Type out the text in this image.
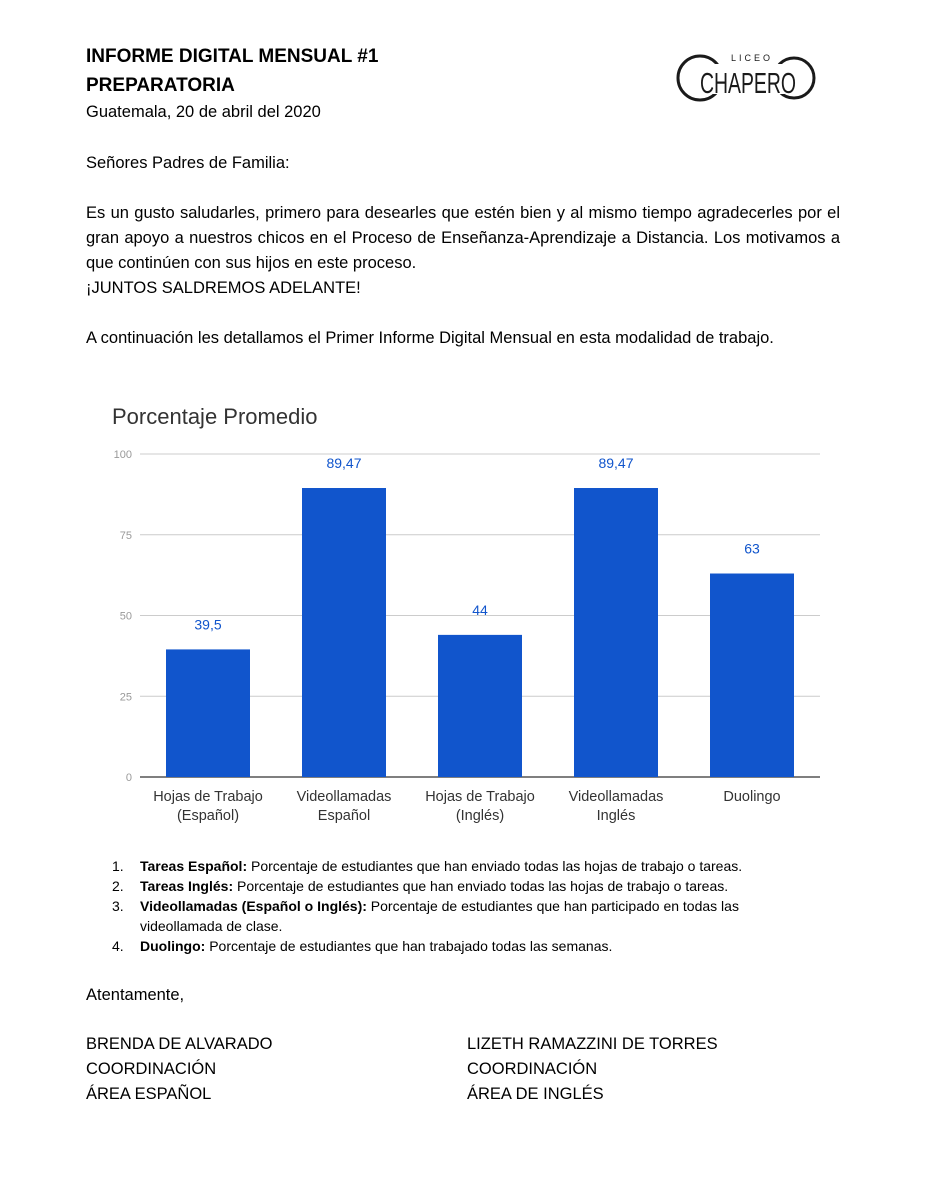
INFORME DIGITAL MENSUAL #1
PREPARATORIA
Guatemala, 20 de abril del 2020
LICEO
CHAPERO
Señores Padres de Familia:
Es un gusto saludarles, primero para desearles que estén bien y al mismo tiempo agradecerles por el gran apoyo a nuestros chicos en el Proceso de Enseñanza-Aprendizaje a Distancia. Los motivamos a que continúen con sus hijos en este proceso.
¡JUNTOS SALDREMOS ADELANTE!
A continuación les detallamos el Primer Informe Digital Mensual en esta modalidad de trabajo.
Porcentaje Promedio
0
25
50
75
100
39,5
Hojas de Trabajo
(Español)
89,47
Videollamadas
Español
44
Hojas de Trabajo
(Inglés)
89,47
Videollamadas
Inglés
63
Duolingo
1.	Tareas Español: Porcentaje de estudiantes que han enviado todas las hojas de trabajo o tareas.
2.	Tareas Inglés: Porcentaje de estudiantes que han enviado todas las hojas de trabajo o tareas.
3.	Videollamadas (Español o Inglés): Porcentaje de estudiantes que han participado en todas las videollamada de clase.
4.	Duolingo: Porcentaje de estudiantes que han trabajado todas las semanas.
Atentamente,
BRENDA DE ALVARADO
COORDINACIÓN
ÁREA ESPAÑOL
LIZETH RAMAZZINI DE TORRES
COORDINACIÓN
ÁREA DE INGLÉS
